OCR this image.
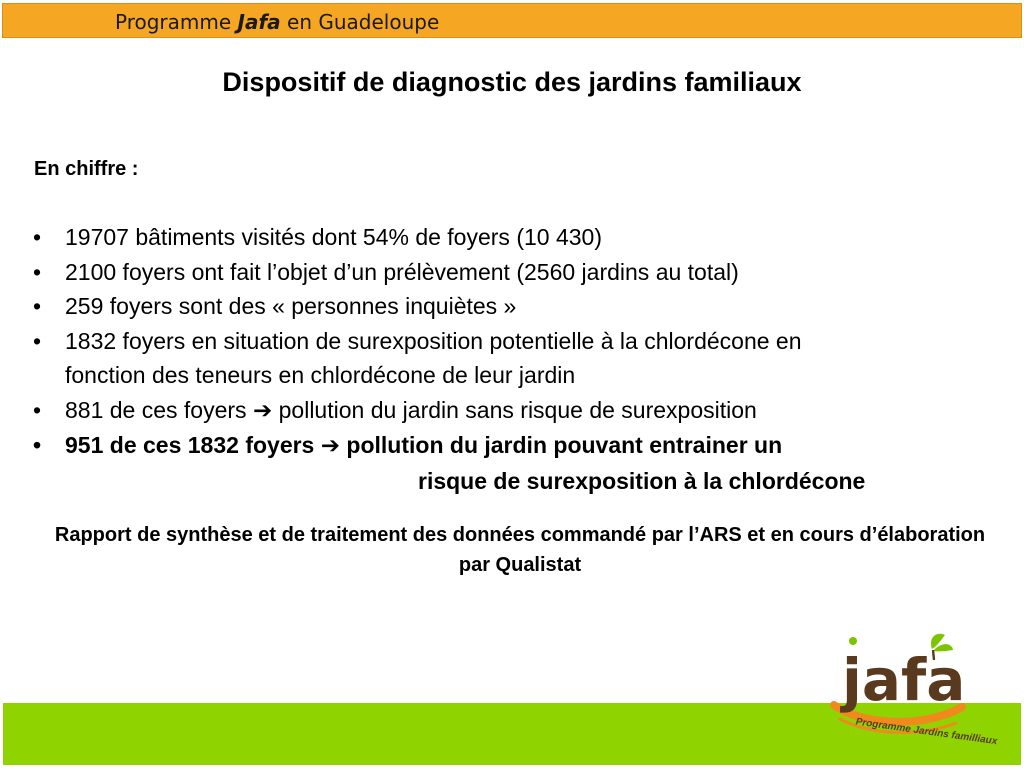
Programme Jafa en Guadeloupe
Dispositif de diagnostic des jardins familiaux
En chiffre :
• 19707 bâtiments visités dont 54% de foyers (10 430)
• 2100 foyers ont fait l’objet d’un prélèvement (2560 jardins au total)
• 259 foyers sont des « personnes inquiètes »
• 1832 foyers en situation de surexposition potentielle à la chlordécone en
fonction des teneurs en chlordécone de leur jardin
• 881 de ces foyers ➔ pollution du jardin sans risque de surexposition
• 951 de ces 1832 foyers ➔ pollution du jardin pouvant entrainer un
risque de surexposition à la chlordécone
Rapport de synthèse et de traitement des données commandé par l’ARS et en cours d’élaboration par Qualistat
jafa
Programme Jardins familliaux
